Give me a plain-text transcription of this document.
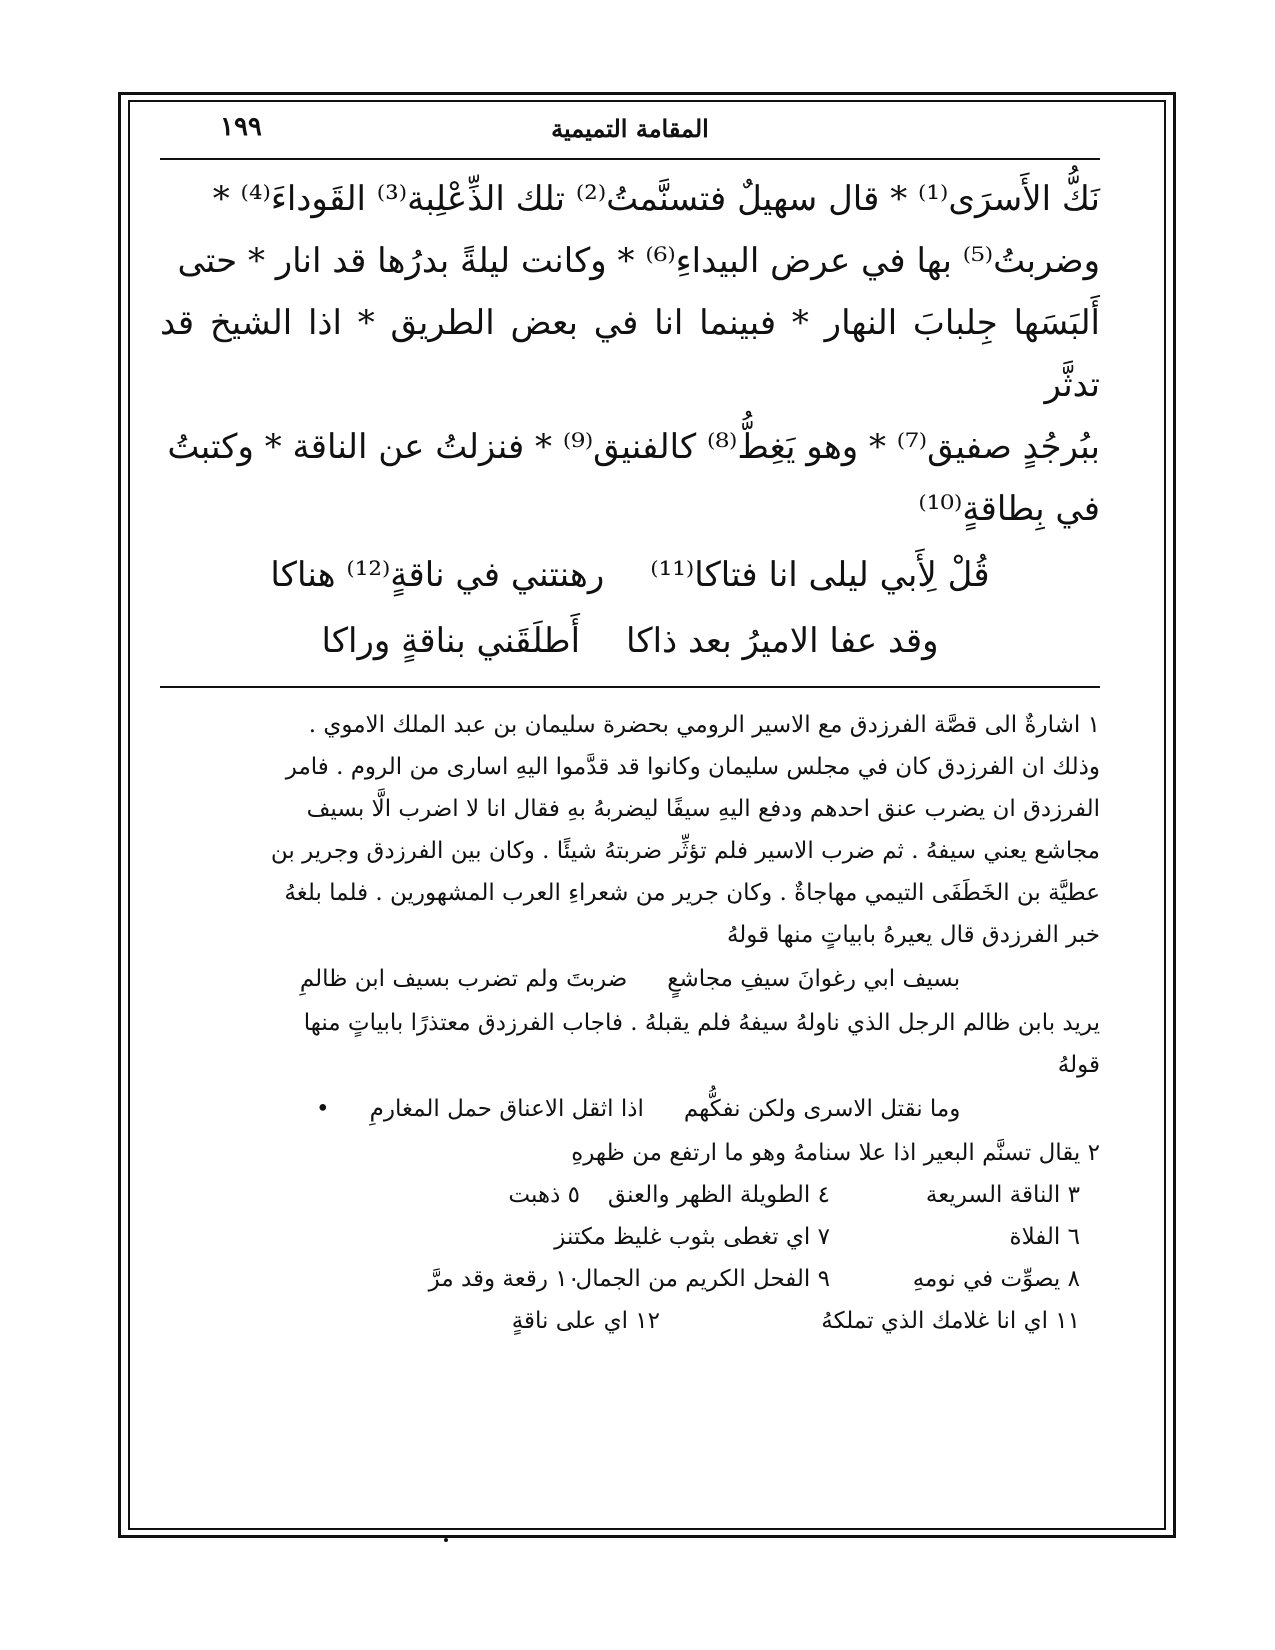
المقامة التميمية
١٩٩

نَكُّ الأَسرَى⁽¹⁾ * قال سهيلٌ فتسنَّمتُ⁽²⁾ تلك الذِّعْلِبة⁽³⁾ القَوداءَ⁽⁴⁾ *

وضربتُ⁽⁵⁾ بها في عرض البيداءِ⁽⁶⁾ * وكانت ليلةً بدرُها قد انار * حتى

أَلبَسَها جِلبابَ النهار * فبينما انا في بعض الطريق * اذا الشيخ قد تدثَّر

ببُرجُدٍ صفيق⁽⁷⁾ * وهو يَغِطُّ⁽⁸⁾ كالفنيق⁽⁹⁾ * فنزلتُ عن الناقة * وكتبتُ

في بِطاقةٍ⁽¹⁰⁾

قُلْ لِأَبي ليلى انا فتاكا⁽¹¹⁾
رهنتني في ناقةٍ⁽¹²⁾ هناكا
وقد عفا الاميرُ بعد ذاكا
أَطلَقَني بناقةٍ وراكا

١ اشارةٌ الى قصَّة الفرزدق مع الاسير الرومي بحضرة سليمان بن عبد الملك الاموي .

وذلك ان الفرزدق كان في مجلس سليمان وكانوا قد قدَّموا اليهِ اسارى من الروم . فامر

الفرزدق ان يضرب عنق احدهم ودفع اليهِ سيفًا ليضربهُ بهِ فقال انا لا اضرب الَّا بسيف

مجاشع يعني سيفهُ . ثم ضرب الاسير فلم تؤثِّر ضربتهُ شيئًا . وكان بين الفرزدق وجرير بن

عطيَّة بن الخَطَفَى التيمي مهاجاةٌ . وكان جرير من شعراءِ العرب المشهورين . فلما بلغهُ

خبر الفرزدق قال يعيرهُ بابياتٍ منها قولهُ

بسيف ابي رغوانَ سيفِ مجاشعٍ
ضربتَ ولم تضرب بسيف ابن ظالمِ

يريد بابن ظالم الرجل الذي ناولهُ سيفهُ فلم يقبلهُ . فاجاب الفرزدق معتذرًا بابياتٍ منها

قولهُ

وما نقتل الاسرى ولكن نفكُّهم
اذا اثقل الاعناق حمل المغارمِ
•

٢ يقال تسنَّم البعير اذا علا سنامهُ وهو ما ارتفع من ظهرهِ

٣ الناقة السريعة
٤ الطويلة الظهر والعنق
٥ ذهبت
٦ الفلاة
٧ اي تغطى بثوب غليظ مكتنز
٨ يصوِّت في نومهِ
٩ الفحل الكريم من الجمال
١٠ رقعة وقد مرَّ
١١ اي انا غلامك الذي تملكهُ
١٢ اي على ناقةٍ
